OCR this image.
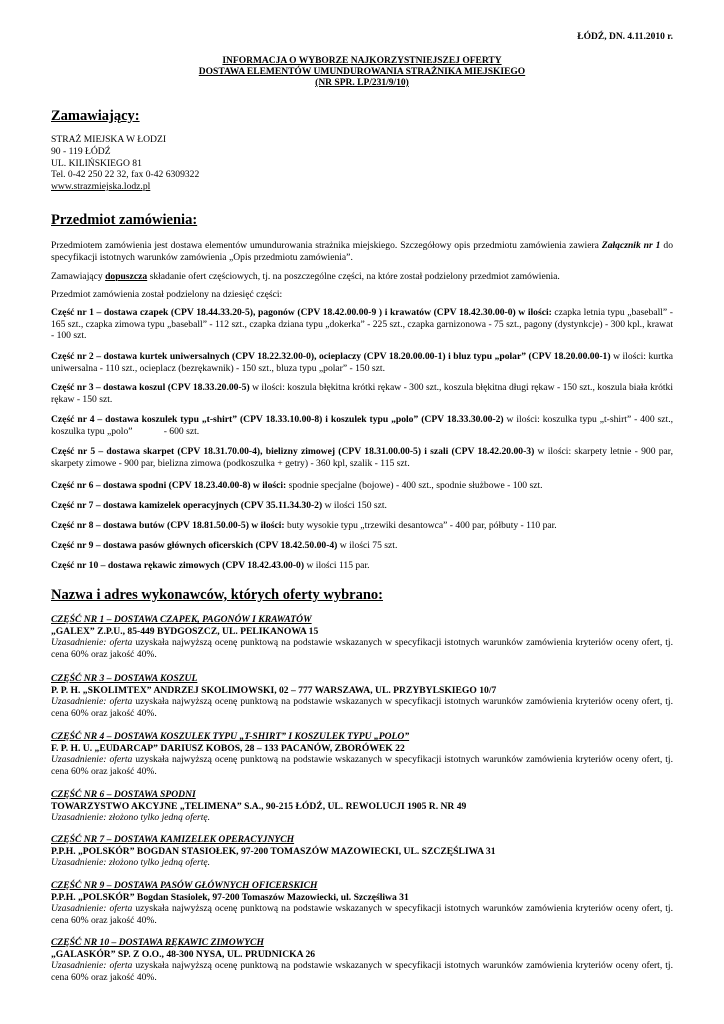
ŁÓDŹ, DN. 4.11.2010 r.
INFORMACJA O WYBORZE NAJKORZYSTNIEJSZEJ OFERTY
DOSTAWA ELEMENTÓW UMUNDUROWANIA STRAŻNIKA MIEJSKIEGO
(NR SPR. LP/231/9/10)
Zamawiający:
STRAŻ MIEJSKA W ŁODZI
90 - 119 ŁÓDŹ
UL. KILIŃSKIEGO 81
Tel. 0-42 250 22 32, fax 0-42 6309322
www.strazmiejska.lodz.pl
Przedmiot zamówienia:
Przedmiotem zamówienia jest dostawa elementów umundurowania strażnika miejskiego. Szczegółowy opis przedmiotu zamówienia zawiera Załącznik nr 1 do specyfikacji istotnych warunków zamówienia „Opis przedmiotu zamówienia”.
Zamawiający dopuszcza składanie ofert częściowych, tj. na poszczególne części, na które został podzielony przedmiot zamówienia.
Przedmiot zamówienia został podzielony na dziesięć części:
Część nr 1 – dostawa czapek (CPV 18.44.33.20-5), pagonów (CPV 18.42.00.00-9 ) i krawatów (CPV 18.42.30.00-0) w ilości: czapka letnia typu „baseball” - 165 szt., czapka zimowa typu „baseball” - 112 szt., czapka dziana typu „dokerka” - 225 szt., czapka garnizonowa - 75 szt., pagony (dystynkcje) - 300 kpl., krawat - 100 szt.
Część nr 2 – dostawa kurtek uniwersalnych (CPV 18.22.32.00-0), ocieplaczy (CPV 18.20.00.00-1) i bluz typu „polar” (CPV 18.20.00.00-1) w ilości: kurtka uniwersalna - 110 szt., ocieplacz (bezrękawnik) - 150 szt., bluza typu „polar” - 150 szt.
Część nr 3 – dostawa koszul (CPV 18.33.20.00-5) w ilości: koszula błękitna krótki rękaw - 300 szt., koszula błękitna długi rękaw - 150 szt., koszula biała krótki rękaw - 150 szt.
Część nr 4 – dostawa koszulek typu „t-shirt” (CPV 18.33.10.00-8) i koszulek typu „polo” (CPV 18.33.30.00-2) w ilości: koszulka typu „t-shirt” - 400 szt., koszulka typu „polo”             - 600 szt.
Część nr 5 – dostawa skarpet (CPV 18.31.70.00-4), bielizny zimowej (CPV 18.31.00.00-5) i szali (CPV 18.42.20.00-3) w ilości: skarpety letnie - 900 par, skarpety zimowe - 900 par, bielizna zimowa (podkoszulka + getry) - 360 kpl, szalik - 115 szt.
Część nr 6 – dostawa spodni (CPV 18.23.40.00-8) w ilości: spodnie specjalne (bojowe) - 400 szt., spodnie służbowe - 100 szt.
Część nr 7 – dostawa kamizelek operacyjnych (CPV 35.11.34.30-2) w ilości 150 szt.
Część nr 8 – dostawa butów (CPV 18.81.50.00-5) w ilości: buty wysokie typu „trzewiki desantowca” - 400 par, półbuty - 110 par.
Część nr 9 – dostawa pasów głównych oficerskich (CPV 18.42.50.00-4) w ilości 75 szt.
Część nr 10 – dostawa rękawic zimowych (CPV 18.42.43.00-0) w ilości 115 par.
Nazwa i adres wykonawców, których oferty wybrano:
CZĘŚĆ NR 1 – DOSTAWA CZAPEK, PAGONÓW I KRAWATÓW
„GALEX” Z.P.U., 85-449 BYDGOSZCZ, UL. PELIKANOWA 15
Uzasadnienie: oferta uzyskała najwyższą ocenę punktową na podstawie wskazanych w specyfikacji istotnych warunków zamówienia kryteriów oceny ofert, tj. cena 60% oraz jakość 40%.
CZĘŚĆ NR 3 – DOSTAWA KOSZUL
P. P. H. „SKOLIMTEX” ANDRZEJ SKOLIMOWSKI, 02 – 777 WARSZAWA, UL. PRZYBYLSKIEGO 10/7
Uzasadnienie: oferta uzyskała najwyższą ocenę punktową na podstawie wskazanych w specyfikacji istotnych warunków zamówienia kryteriów oceny ofert, tj. cena 60% oraz jakość 40%.
CZĘŚĆ NR 4 – DOSTAWA KOSZULEK TYPU „T-SHIRT” I KOSZULEK TYPU „POLO”
F. P. H. U. „EUDARCAP” DARIUSZ KOBOS, 28 – 133 PACANÓW, ZBORÓWEK 22
Uzasadnienie: oferta uzyskała najwyższą ocenę punktową na podstawie wskazanych w specyfikacji istotnych warunków zamówienia kryteriów oceny ofert, tj. cena 60% oraz jakość 40%.
CZĘŚĆ NR 6 – DOSTAWA SPODNI
TOWARZYSTWO AKCYJNE „TELIMENA” S.A., 90-215 ŁÓDŹ, UL. REWOLUCJI 1905 R. NR 49
Uzasadnienie: złożono tylko jedną ofertę.
CZĘŚĆ NR 7 – DOSTAWA KAMIZELEK OPERACYJNYCH
P.P.H. „POLSKÓR” BOGDAN STASIOŁEK, 97-200 TOMASZÓW MAZOWIECKI, UL. SZCZĘŚLIWA 31
Uzasadnienie: złożono tylko jedną ofertę.
CZĘŚĆ NR 9 – DOSTAWA PASÓW GŁÓWNYCH OFICERSKICH
P.P.H. „POLSKÓR” Bogdan Stasiolek, 97-200 Tomaszów Mazowiecki, ul. Szczęśliwa 31
Uzasadnienie: oferta uzyskała najwyższą ocenę punktową na podstawie wskazanych w specyfikacji istotnych warunków zamówienia kryteriów oceny ofert, tj. cena 60% oraz jakość 40%.
CZĘŚĆ NR 10 – DOSTAWA RĘKAWIC ZIMOWYCH
„GALASKÓR” SP. Z O.O., 48-300 NYSA, UL. PRUDNICKA 26
Uzasadnienie: oferta uzyskała najwyższą ocenę punktową na podstawie wskazanych w specyfikacji istotnych warunków zamówienia kryteriów oceny ofert, tj. cena 60% oraz jakość 40%.
